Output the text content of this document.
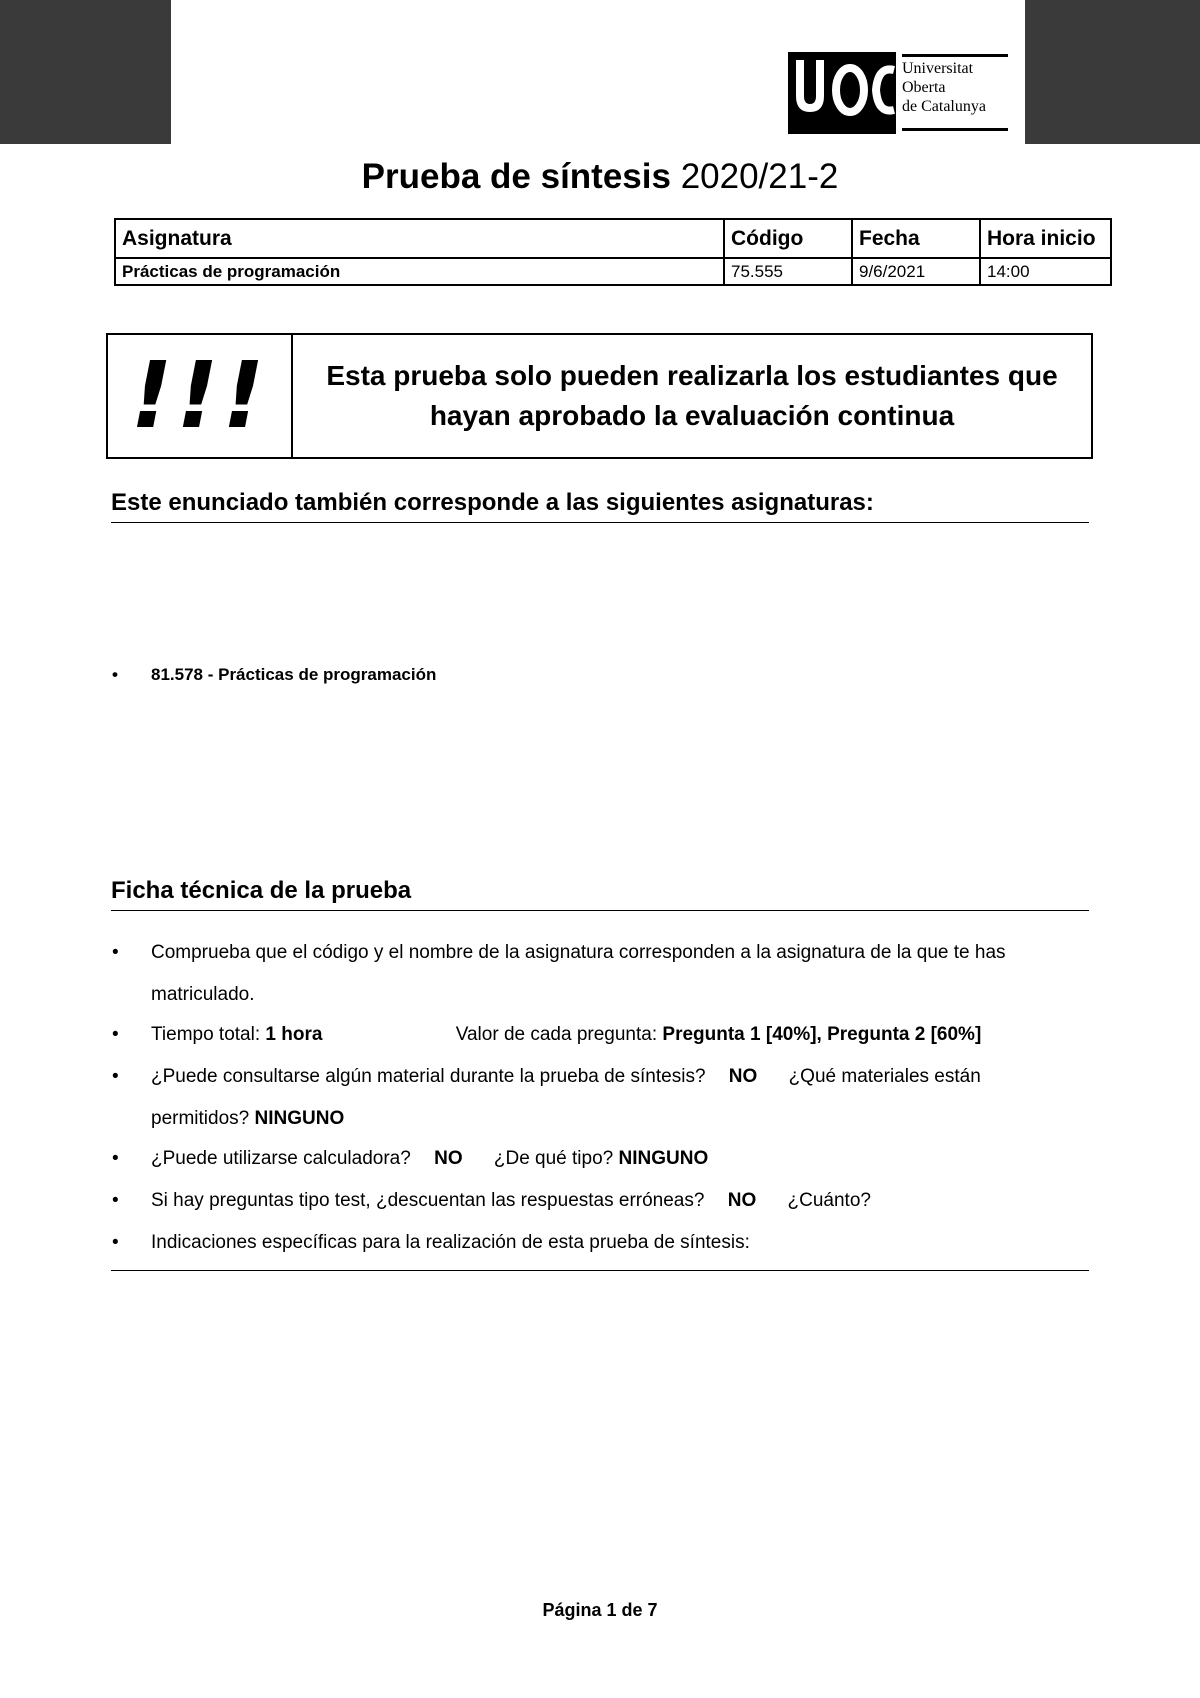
Universitat
Oberta
de Catalunya
Prueba de síntesis 2020/21-2
Asignatura	Código	Fecha	Hora inicio
Prácticas de programación	75.555	9/6/2021	14:00
!!!	Esta prueba solo pueden realizarla los estudiantes que
hayan aprobado la evaluación continua
Este enunciado también corresponde a las siguientes asignaturas:
• 81.578 - Prácticas de programación
Ficha técnica de la prueba
• Comprueba que el código y el nombre de la asignatura corresponden a la asignatura de la que te has
matriculado.
• Tiempo total: 1 hora	Valor de cada pregunta: Pregunta 1 [40%], Pregunta 2 [60%]
• ¿Puede consultarse algún material durante la prueba de síntesis? NO ¿Qué materiales están
permitidos? NINGUNO
• ¿Puede utilizarse calculadora? NO ¿De qué tipo? NINGUNO
• Si hay preguntas tipo test, ¿descuentan las respuestas erróneas? NO ¿Cuánto?
• Indicaciones específicas para la realización de esta prueba de síntesis:
Página 1 de 7
